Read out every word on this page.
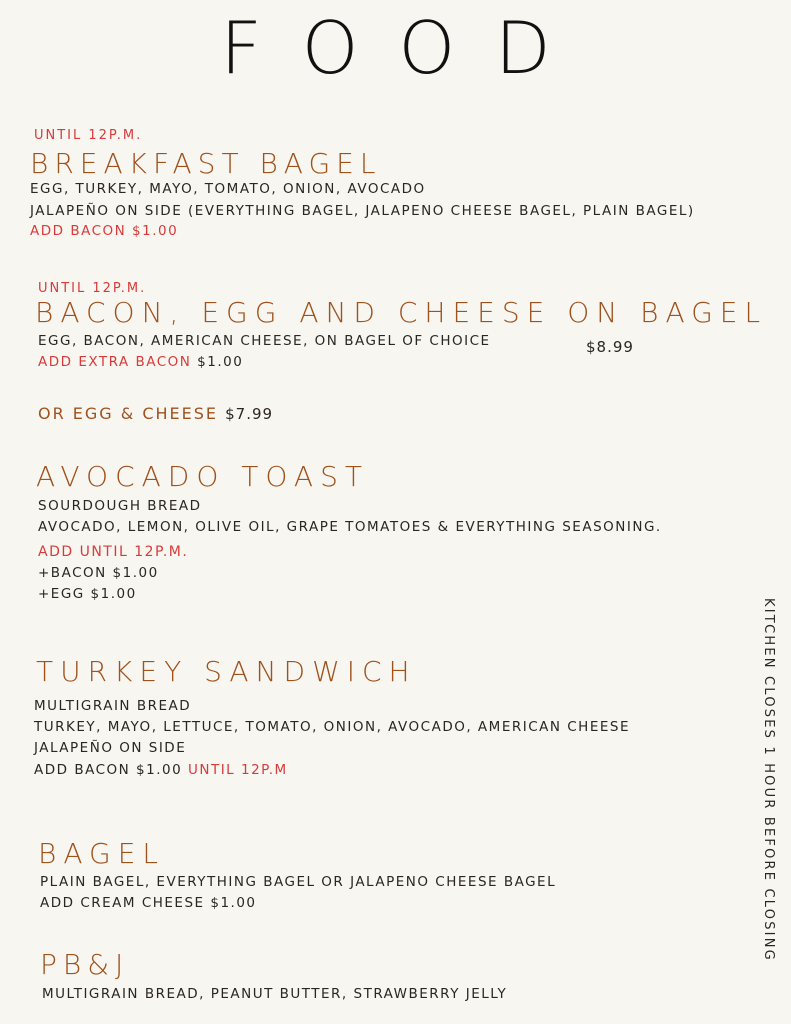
FOOD
UNTIL 12P.M.
BREAKFAST BAGEL
EGG, TURKEY, MAYO, TOMATO, ONION, AVOCADO
JALAPEÑO ON SIDE (EVERYTHING BAGEL, JALAPENO CHEESE BAGEL, PLAIN BAGEL)
ADD BACON $1.00
UNTIL 12P.M.
BACON, EGG AND CHEESE ON BAGEL
EGG, BACON, AMERICAN CHEESE, ON BAGEL OF CHOICE	$8.99
ADD EXTRA BACON $1.00
OR EGG & CHEESE $7.99
AVOCADO TOAST
SOURDOUGH BREAD
AVOCADO, LEMON, OLIVE OIL, GRAPE TOMATOES & EVERYTHING SEASONING.
ADD UNTIL 12P.M.
+BACON $1.00
+EGG $1.00
TURKEY SANDWICH
MULTIGRAIN BREAD
TURKEY, MAYO, LETTUCE, TOMATO, ONION, AVOCADO, AMERICAN CHEESE
JALAPEÑO ON SIDE
ADD BACON $1.00 UNTIL 12P.M
BAGEL
PLAIN BAGEL, EVERYTHING BAGEL OR JALAPENO CHEESE BAGEL
ADD CREAM CHEESE $1.00
PB&J
MULTIGRAIN BREAD, PEANUT BUTTER, STRAWBERRY JELLY
KITCHEN CLOSES 1 HOUR BEFORE CLOSING
